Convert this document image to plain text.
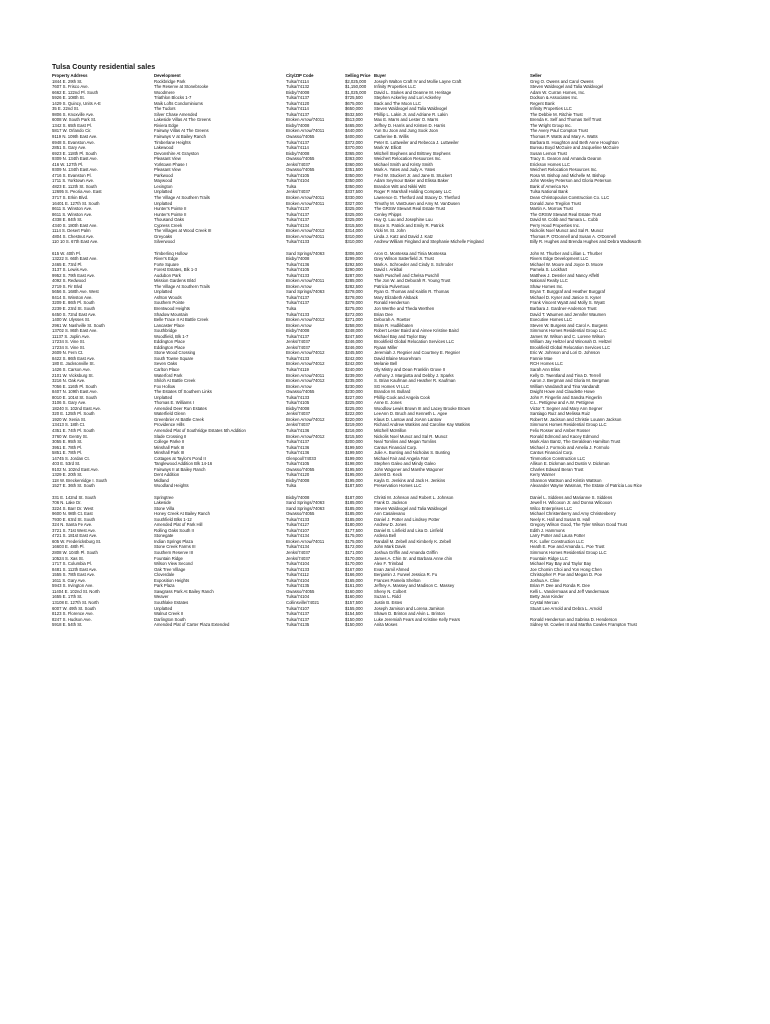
Tulsa County residential sales
Property Address	Development	City/ZIP Code	Selling Price	Buyer	Seller
1844 E. 29th St.	Rockbridge Park	Tulsa/74114	$2,025,000	Joseph Walton Craft IV and Mollie Layne Craft	Greg O. Owens and Carol Owens
7607 S. Frisco Ave.	The Reserve at Stonebrooke	Tulsa/74132	$1,150,000	Infinity Properties LLC	Steven Waldvogel and Talia Waldvogel
6662 E. 122nd Pl. South	Woodmere	Bixby/74008	$1,025,000	David L. Stokes and Deanne M. Heritage	Adam W. Curran Homes, Inc.
5926 E. 108th St.	Triathlon Blocks 1-7	Tulsa/74137	$725,500	Stephen Ackerley and Lori Ackerley	Dodson & Associates Inc.
1429 S. Quincy, Units A-E	Maik Lofts Condominiums	Tulsa/74120	$675,000	Back and The Moon LLC	Regent Bank
35 E. 22nd St.	The Tudors	Tulsa/74114	$650,000	Steven Waldvogel and Talia Waldvogel	Infinity Properties LLC
9806 S. Knoxville Ave.	Silver Chase Amended	Tulsa/74137	$532,500	Phillip L. Lakin Jr. and Adriane R. Lakin	The Debbie M. Ritchie Trust
6008 W. South Park St.	Lakeside Villas At The Greens	Broken Arrow/74011	$513,000	Max E. Marrs and Lester O. Marrs	Brenda K. Self and Thomas Self Trust
1342 S. 65th East Pl.	Riviera Edge	Bixby/74008	$465,000	Jeffrey D. Harris and Kristen D. Harris	The Wright Group Inc.
5817 W. Orlando Cir.	Fairway Villas At The Greens	Broken Arrow/74011	$440,000	Yun Su Joon and Jung Sook Joon	The Avery Paul Compton Trust
9119 N. 109th East Ave.	Fairways V at Bailey Ranch	Owasso/74055	$400,000	Catherine B. Willis	Thomas P. Watts and Mary A. Watts
6948 S. Evanston Ave.	Timberlane Heights	Tulsa/74137	$372,000	Peter E. Luttweiler and Rebecca J. Luttweiler	Barbara B. Houghton and Beth Anne Houghton
2851 S. Gary Ave.	Lakewood	Tulsa/74114	$370,000	Mark W. Elliott	Bureau Boyd McGuire and Jacqueline McGuire
6923 E. 118th Pl. South	Devonshire At Grayston	Bixby/74008	$365,000	Mitchell Stephens and Brittney Stephens	Susan Lemon Trust
9309 N. 134th East Ave.	Pleasant View	Owasso/74055	$363,000	Weichert Relocation Resources Inc.	Tracy S. Gearon and Amanda Gearon
416 W. 127th Pl.	Yorktown Phase I	Jenks/74037	$360,000	Michael Smith and Kristy Smith	Erickson Homes LLC
9309 N. 134th East Ave.	Pleasant View	Owasso/74055	$351,500	Mark A. Yates and Judy A. Yates	Weichert Relocation Resources Inc.
4716 S. Evanston Pl.	Parkwood	Tulsa/74105	$350,000	Fred W. Stuckert Jr. and Jane B. Stuckert	Rosa W. Bishop and Michelle M. Bishop
1711 S. Yorktown Ave.	Maywood	Tulsa/74104	$350,000	Adam Seymour Baker and Elissa Baker	John Wesley Peterson and Gloria Peterson
4823 E. 112th St. South	Lexington	Tulsa	$350,000	Brandon Witt and Nikki Witt	Bank of America NA
12695 S. Peoria Ave. East	Unplatted	Jenks/74037	$337,500	Roger P. Marshall Holding Company LLC	Tulsa National Bank
3717 S. Erkin Blvd.	The Village At Southern Trails	Broken Arrow/74011	$330,000	Lawrence G. Thetford and Stacey D. Thetford	Dean Christopoulos Construction Co. LLC
16401 E. 127th St. South	Unplatted	Broken Arrow/74011	$327,000	Timothy M. VanDusen and Amy M. VanDusen	Donald June Tregilon Trust
8611 S. Winston Ave.	Hunter's Pointe II	Tulsa/74137	$325,000	The GRSW Stewart Real Estate Trust	Martin A. Morrow Trust
8611 S. Winston Ave.	Hunter's Pointe II	Tulsa/74137	$325,000	Cenley Phipps	The GRSW Stewart Real Estate Trust
4338 E. 84th St.	Thousand Oaks	Tulsa/74137	$325,000	Huy Q. Luu and Josephine Luu	David W. Cobb and Tamara L. Cobb
4340 S. 180th East Ave.	Cypress Creek	Tulsa/74134	$315,500	Bruce S. Patrick and Emily R. Patrick	Perry Hood Properties Inc.
1114 S. Desert Palm	The Villages at Wood Creek III	Broken Arrow/74012	$314,000	Vicki M. St. John	Nickolis Noel Munoz and Sal R. Munoz
4804 S. Chestnut Ave.	Greyoaks	Broken Arrow/74011	$310,000	Linda J. Katz and David J. Katz	Thomas P. O'Donnell and Susan A. O'Donnell
110 10 S. 67th East Ave.	Silverwood	Tulsa/74133	$310,000	Andrew William Fingland and Stephanie Michelle Fingland	Billy R. Hughes and Brenda Hughes and Debra Wadsworth

615 W. 40th Pl.	Timberlinq Hollow	Sand Springs/74063	$306,500	Aron G. Montessa and Tinia Montessa	John M. Thurber and Lillian L. Thurber
13222 S. 66th East Ave.	River's Edge	Bixby/74008	$299,000	Grey Wilson Satterfield Jr. Trust	Rivers Edge Development LLC
2465 E. 73rd Pl.	Forte Square	Tulsa/74136	$292,500	Mark A. Schroeder and Cindy S. Schroder	Michael W. Moore and Joyce D. Moore
3137 S. Lewis Ave.	Forest Estates, Blk 1-3	Tulsa/74105	$290,000	David I. Ankbal	Pamela S. Lockhart
9952 S. 79th East Ave.	Audubon Park	Tulsa/74133	$287,000	Nash Puschell and Chelsa Puschll	Matthew J. Dessler and Nancy Affeltl
4092 S. Redwood	Mission Gardens Bl4d	Broken Arrow/74011	$285,000	The Jon W. and Deborah R. Young Trust	National Realty LLC
2719 S. Fir Blvd	The Village At Southern Trails	Broken Arrow	$282,500	Patricia Pulvertous	Shaw Homes Inc.
5656 S. 168th Ave. West	Unplatted	Sand Springs/74063	$278,000	Ryan G. Thomas and Kaitlin R. Thomas	Bryan T. Burggraf and Heather Burggraf
8414 S. Winston Ave.	Ashton Woods	Tulsa/74137	$278,000	Mary Elizabeth Alsback	Michael D. Kyser and Janice S. Kyser
3209 E. 86th Pl. South	Southern Pointe	Tulsa/74137	$278,000	Ronald Henderson	Frank Vincent Wyatt and Molly S. Wyatt
2239 E. 23rd St. South	Brentwood Heights	Tulsa	$275,000	Jon Werthe and Theda Werthen	Barbara J. Gardner-Anderson Trust
6450 S. 72nd East Ave.	Shadow Mountain	Tulsa/74133	$272,000	Brian Dee	David T. Waumen and Jennifer Waumen
1400 W. Ulysses St.	Belle Trace II At Battle Creek	Broken Arrow/74012	$271,000	Deborah A. Roetter	Executive Homes LLC
2961 W. Nashville St. South	Lancaster Place	Broken Arrow	$258,000	Brian R. Hudlikbaten	Steven W. Burgess and Carol A. Burgess
13702 S. 86th East Ave.	Southbridge	Bixby/74008	$248,000	Robert Lester Baird and Aimee Kristine Baird	Simmons Homes Residential Group LLC
11137 S. Joplin Ave.	Woodfield, Blk 1-7	Tulsa/74137	$247,500	Michael Bay and Taylor Bay	James W. Wilson and C. Lorene Wilson
17234 S. Vine St.	Eddington Place	Jenks/74037	$246,000	Brookfield Global Relocation Services LLC	William Jay Heltzel and Winonah D. Heltzel
17234 S. Vine St.	Eddington Place	Jenks/74037	$246,000	Ryaan Miller	Brookfield Global Relocation Services LLC
2609 N. Fern Ct.	Stone Wood Crossing	Broken Arrow/74012	$245,500	Jeremiah J. Regnier and Courtney E. Regnier	Eric W. Johnson and Lori D. Johnson
8422 S. 86th East Ave.	South Towne Square	Tulsa/74133	$242,000	David Blaine Moorehram	Fannie Mae
180 E. Jacksonville St.	Seven Oaks	Broken Arrow/74012	$242,000	Melanie Bell	RCH Homes LLC
1426 S. Carson Ave.	Carlton Place	Tulsa/74119	$240,000	Oly Mistry and Dean Franklin Grove II	Sarah Ann Bliss
2101 W. Vicksburg St.	Waterford Park	Broken Arrow/74011	$239,000	Anthony J. Margiotta and Debby J. Sparks	Kelly D. Twentland and Tina D. Terrell
3216 N. Oak Ave.	Shiloh At Battle Creek	Broken Arrow/74012	$235,000	S. Brian Kaufman and Heather R. Kaufman	Aaron J. Bergman and Gloria M. Bergman
7056 E. 116th Pl. South	Fox Hollow	Broken Arrow	$230,000	SG Homes VI LLC	William Vandandt and Tina Vandandt
8407 N. 109th East Ave.	The Estates Of Southern Links	Owasso/74055	$230,000	Brandon M. Bullard	Dwight Howe and Claudette Howe
8010 E. 101st St. South	Unplatted	Tulsa/74133	$227,000	Phillip Cook and Angela Cook	John F. Fingerlin and Sandra Fingerlin
3106 S. Gary Ave.	Thomas E. Williams I	Tulsa/74105	$225,000	Anne E. Jones	C.L. Pettigrew and A.W. Pettigrew
18240 S. 102nd East Ave.	Amended Deer Run Estates	Bixby/74008	$225,000	Woodlow Lewis Brown III and Lacey Brooke Brown	Victor T. Segner and Mary Ann Segner
320 E. 125th Pl. South	Waterfield Glenn	Jenks/74037	$222,000	LeeAnn D. Bruch and Kenneth L. Agee	Santiago Ruiz and Melissa Ruiz
1920 W. Xenia St.	Greenbrier At Battle Creek	Broken Arrow/74012	$220,000	Klaus D. Lantow and JoAnn Lantow	Robert M. Jackson and Christie Louann Jackson
13413 S. 18th Ct.	Providence Hills	Jenks/74037	$219,000	Richard Andrew Watkins and Caroline Kay Watkins	Simmons Homes Residential Group LLC
4351 E. 74th Pl. South	Amended Plat of Southridge Estates 5th Addition	Tulsa/74136	$216,000	Mitchell McMillon	Felix Rosser and Amber Rosser
3760 W. Gentry St.	Slade Crossing II	Broken Arrow/74012	$215,500	Nickolis Noel Munoz and Sal R. Munoz	Ronald Edmond and Kacey Edmond
3055 E. 95th St.	College Parke II	Tulsa/74137	$200,000	Neal Tomlins and Megan Tomlins	Mark Alan Bantz, The Geraldean Hamilton Trust
3951 E. 78th Pl.	Minshall Park III	Tulsa/74136	$199,500	Cantus Financial Corp.	Michael J. Formolo and Amelia J. Formolo
5851 E. 78th Pl.	Minshall Park III	Tulsa/74136	$199,500	Julie A. Bunting and Nicholas S. Bunting	Cantus Financial Corp.
14745 S. Jordan Ct.	Cottages at Taylor's Pond II	Glenpool/74033	$199,000	Michael Fair and Angela Farr	Timmortion Construction LLC
403 E. 53rd St.	Tanglewood Addition Blk 14-16	Tulsa/74105	$198,000	Stephen Galeo and Mindy Galeo	Allison E. Dickman and Dustin V. Dickman
9102 N. 102nd East Ave.	Fairways II at Bailey Ranch	Owasso/74055	$195,500	John Wagoner and Marshe Wagoner	Charles Edward Beran Trust
1329 E. 20th St.	Dent Addition	Tulsa/74120	$195,000	Jarrett D. Keck	Kerry Warner
118 W. Breckenridge I. South	Midland	Bixby/74008	$195,000	Kayla G. Jenkins and Jack H. Jenkins	Shannon Wattson and Kristin Wattson
1527 E. 36th St. South	Woodland Heights	Tulsa	$187,500	Preservation Homes LLC	Alexander Wayne Wasman, The Estate of Patricia Lou Rice

331 E. 142nd St. South	Springtree	Bixby/74008	$187,000	Christi M. Johnson and Robert L. Johnson	Daniel L. Siddens and Marianne S. Siddens
706 N. Lake Dr.	Lakeside	Sand Springs/74063	$185,000	Frank D. Jackson	Jewell H. Wilcoxon Jr. and Donna Wilcoxon
3224 S. Barr Dr. West	Stone Villa	Sand Springs/74063	$185,000	Steven Waldvogel and Talia Waldvogel	Wilco Enterprises LLC
9600 N. 98th Ct. East	Honey Creek At Bailey Ranch	Owasso/74055	$185,000	Ann Casalevano	Michael Christenberry and Amy Christenberry
7930 E. 63rd St. South	Southfield Blks 1-12	Tulsa/74133	$185,000	Daniel J. Potter and Lindsey Potter	Neely K. Hall and Susan B. Hall
324 N. Santa Fe Ave.	Amended Plat of Park Hill	Tulsa/74127	$180,000	Andrew D. Jones	Gregory Wilson Good, The Tyler Wilson Good Trust
3721 S. 71st West Ave.	Rolling Oaks South II	Tulsa/74107	$177,500	Daniel B. Linfield and Lisa D. Linfield	Edith J. Hammons
4721 S. 181st East Ave.	Stonegate	Tulsa/74134	$175,000	Ardena Bell	Larry Potter and Laura Potter
605 W. Fredericksburg St.	Indian Springs Plaza	Broken Arrow/74011	$175,000	Randall M. Zebell and Kimberly K. Zebell	R.K. Loller Construction LLC
16603 E. 48th Pl.	Stone Creek Farms III	Tulsa/74134	$172,000	John Mark Davis	Heath E. Poe and Amanda L. Poe Trust
2808 W. 104th Pl. South	Southern Reserve III	Jenks/74037	$171,000	Joshua Griffin and Amanda Griffin	Simmons Homes Residential Group LLC
10524 S. Xas St.	Fountain Ridge	Jenks/74037	$170,000	James A. Chin Sr. and Barbara Anne chin	Fountain Ridge LLC
1717 S. Columbia Pl.	Wilson View Second	Tulsa/74104	$170,000	Alex F. Trimbad	Michael Ray Bay and Taylor Bay
8481 S. 112th East Ave.	Oak Tree Village	Tulsa/74133	$167,000	Evan Jamil Ahmed	Joe Chomin Choi and Yon Hong Chen
1555 S. 78th East Ave.	Cloverdale	Tulsa/74112	$166,000	Benjamin J. Furwel Jessica R. Fu	Christopher P. Poe and Megan D. Poe
1611 S. Gary Ave.	Exposition Heights	Tulsa/74104	$165,000	Frances Pamela Shelton	Joshua A. Cline
5943 S. Irvington Ave.	Park Plaza	Tulsa/74135	$161,000	Jeffrey A. Massey and Madison C. Massey	Brian P. Dee and Ronda R. Dee
11404 E. 102nd St. North	Sawgrass Park At Bailey Ranch	Owasso/74055	$160,000	Sheny N. Colbert	Kelli L. Vandermaas and Jeff Vandermaas
1655 E. 17th St.	Weaver	Tulsa/74104	$160,000	Suzan L. Ridd	Betty Jean Kinder
13108 E. 127th St. North	Southlake Estates	Collinsville/74021	$157,500	Justin B. Estes	Crystal Mercan
6007 W. 49th St. South	Unplatted	Tulsa/74107	$155,000	Joseph Jamison and Lorena Jamison	Stuart Lee Arnold and Debra L. Arnold
8123 S. Florence Ave.	Walnut Creek II	Tulsa/74137	$154,500	Shawn D. Brinton and Alvin L. Brinton	
8247 S. Hudson Ave.	Darlington South	Tulsa/74137	$150,000	Luke Jeremiah Fears and Kristine Kelly Fears	Ronald Henderson and Sabrina D. Henderson
5918 E. 54th St.	Amended Plat of Carter Plaza Extended	Tulsa/74135	$150,000	Anita Moses	Sidney W. Cowles III and Martha Cowles Frampton Trust
